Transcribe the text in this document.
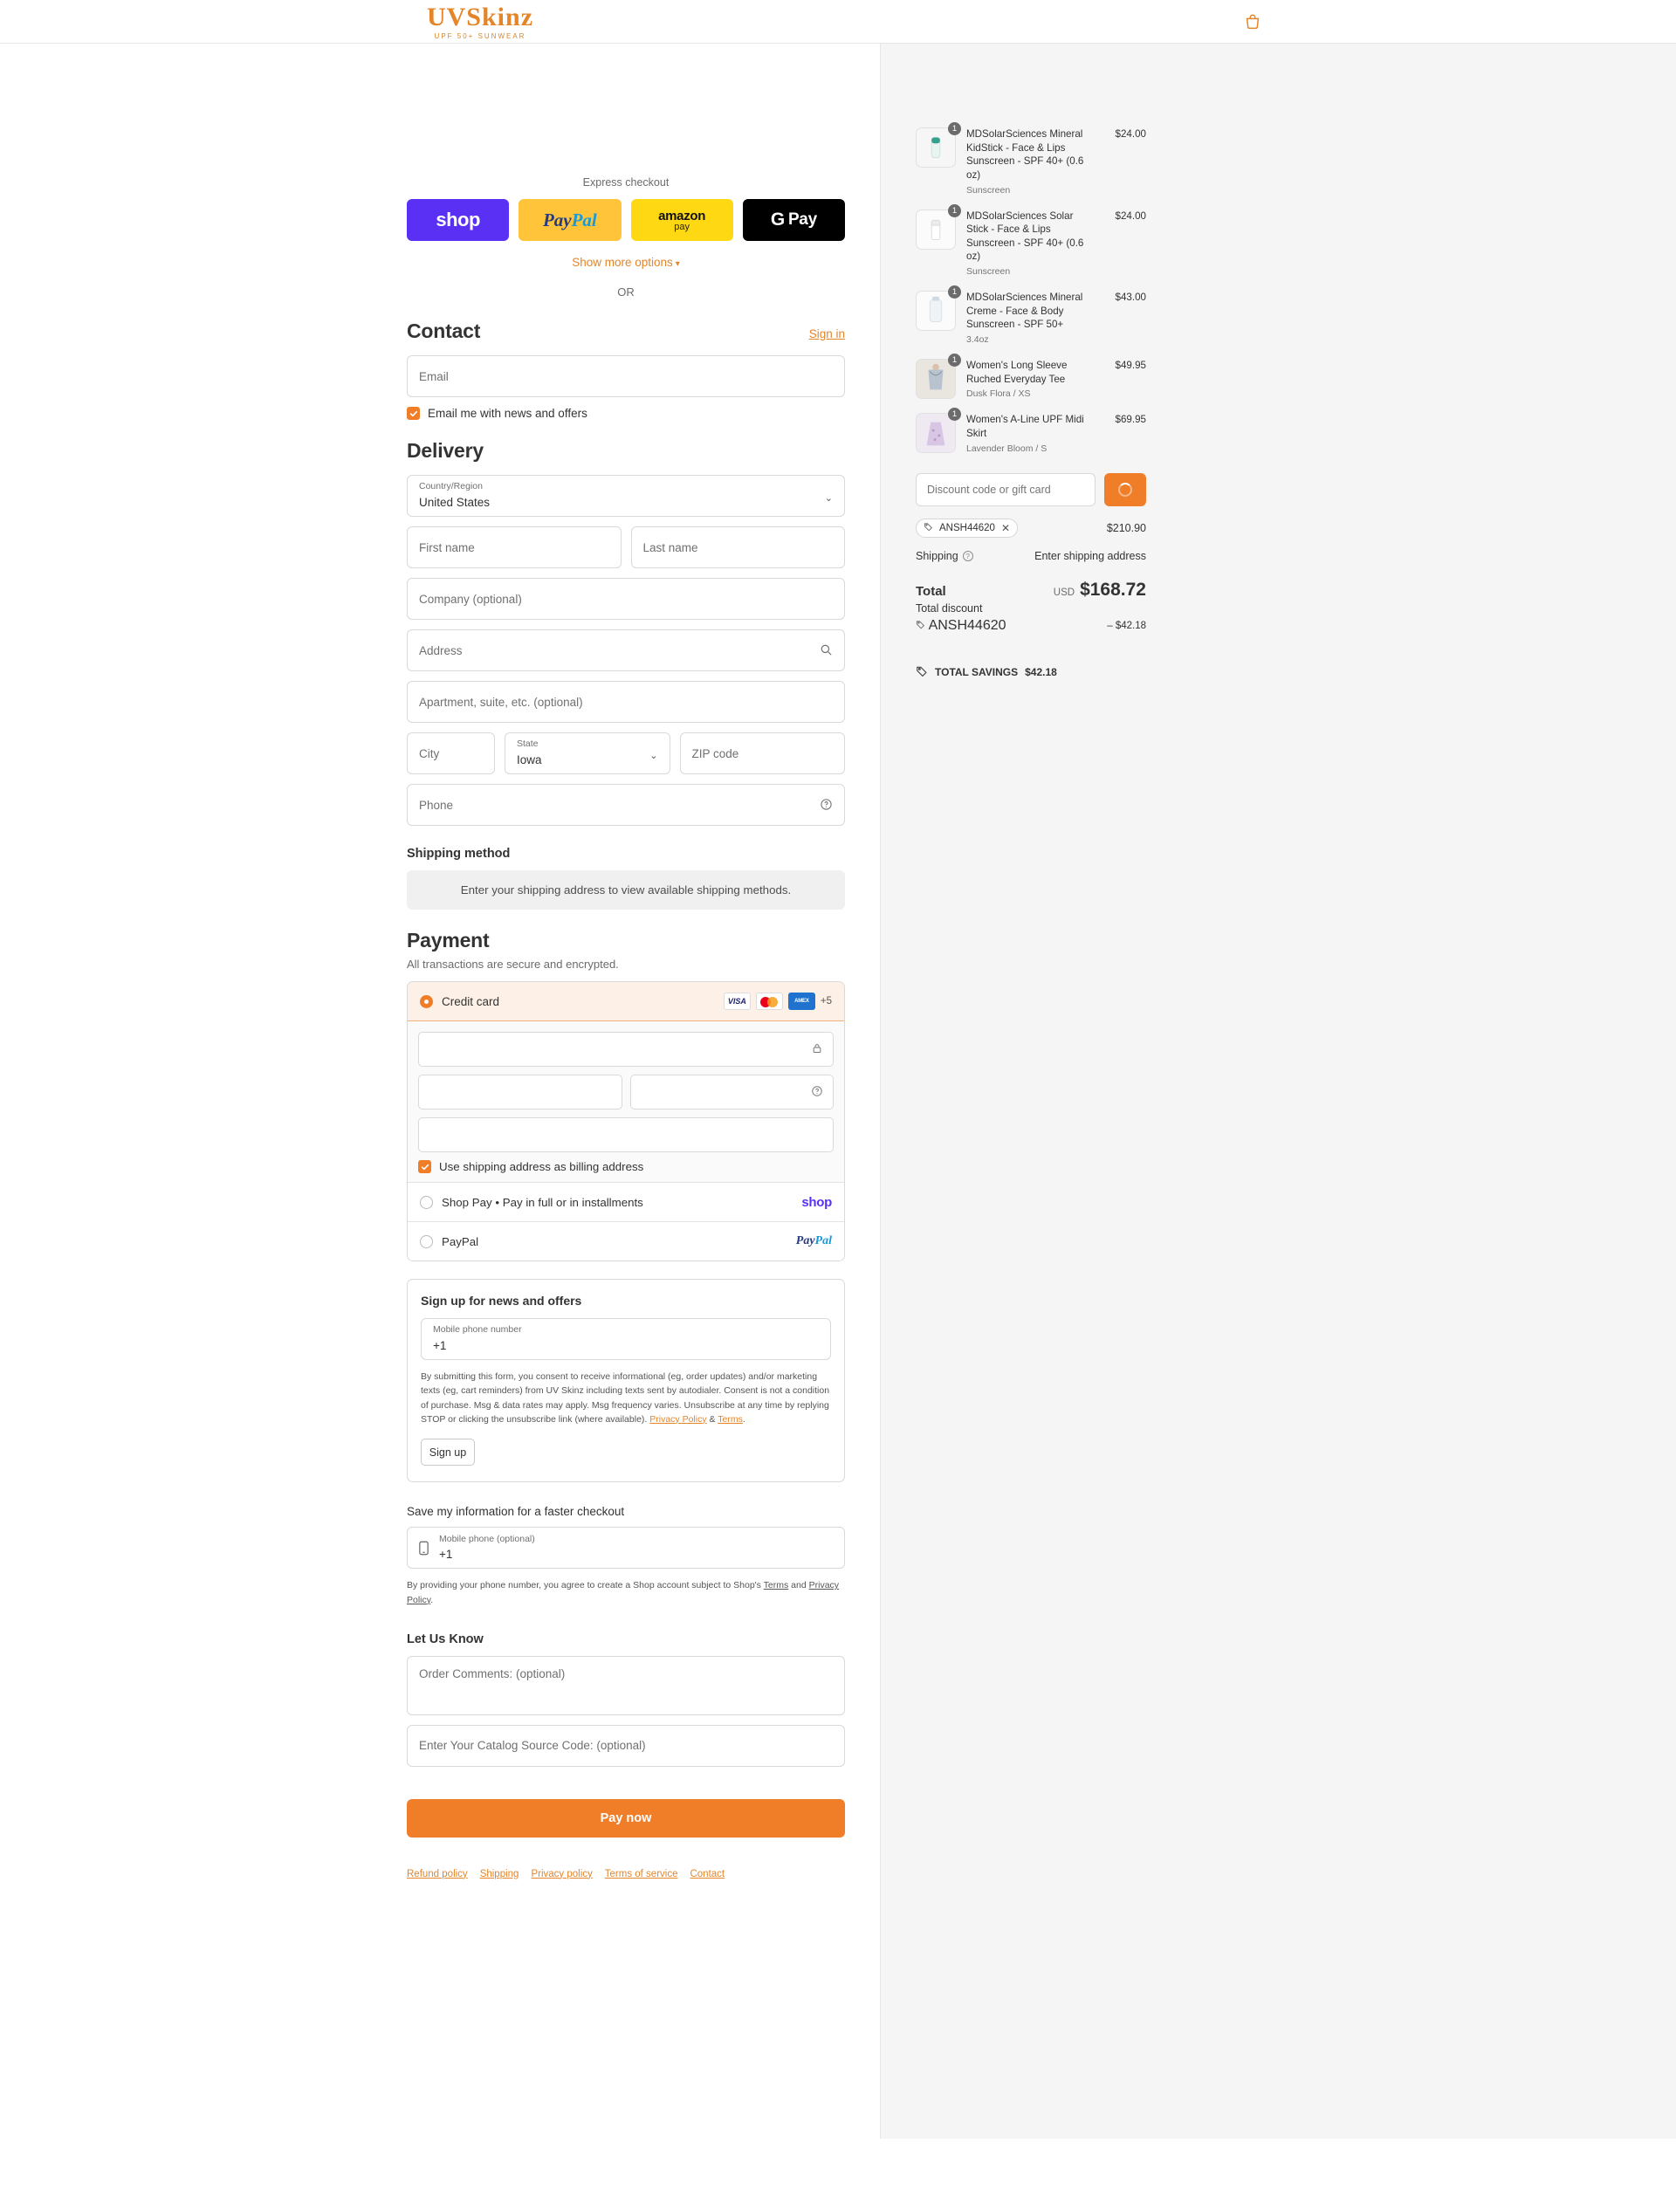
UVSkinz
UPF 50+ SUNWEAR
Express checkout
shop	PayPal	amazon
pay	G Pay
Show more options ▾
OR
Contact	Sign in
Email
Email me with news and offers
Delivery
Country/Region
United States	⌄
First name
Last name
Company (optional)
Address
Apartment, suite, etc. (optional)
City
State
Iowa	⌄
ZIP code
Phone
Shipping method
Enter your shipping address to view available shipping methods.
Payment
All transactions are secure and encrypted.
Credit card	VISA	AMEX	+5
Use shipping address as billing address
Shop Pay • Pay in full or in installments	shop
PayPal	PayPal
Sign up for news and offers
Mobile phone number
+1
By submitting this form, you consent to receive informational (eg, order updates) and/or marketing texts (eg, cart reminders) from UV Skinz including texts sent by autodialer. Consent is not a condition of purchase. Msg & data rates may apply. Msg frequency varies. Unsubscribe at any time by replying STOP or clicking the unsubscribe link (where available). Privacy Policy & Terms.
Sign up
Save my information for a faster checkout
Mobile phone (optional)
+1
By providing your phone number, you agree to create a Shop account subject to Shop's Terms and Privacy Policy.
Let Us Know
Order Comments: (optional)
Enter Your Catalog Source Code: (optional)
Pay now
Refund policy Shipping Privacy policy Terms of service Contact
1 MDSolarSciences Mineral KidStick - Face & Lips Sunscreen - SPF 40+ (0.6 oz)
Sunscreen
$24.00
1 MDSolarSciences Solar Stick - Face & Lips Sunscreen - SPF 40+ (0.6 oz)
Sunscreen
$24.00
1 MDSolarSciences Mineral Creme - Face & Body Sunscreen - SPF 50+
3.4oz
$43.00
1 Women's Long Sleeve Ruched Everyday Tee
Dusk Flora / XS
$49.95
1 Women's A-Line UPF Midi Skirt
Lavender Bloom / S
$69.95
Discount code or gift card
ANSH44620 ✕	$210.90
Shipping	?	Enter shipping address
Total	USD $168.72
Total discount
ANSH44620	– $42.18
TOTAL SAVINGS $42.18
